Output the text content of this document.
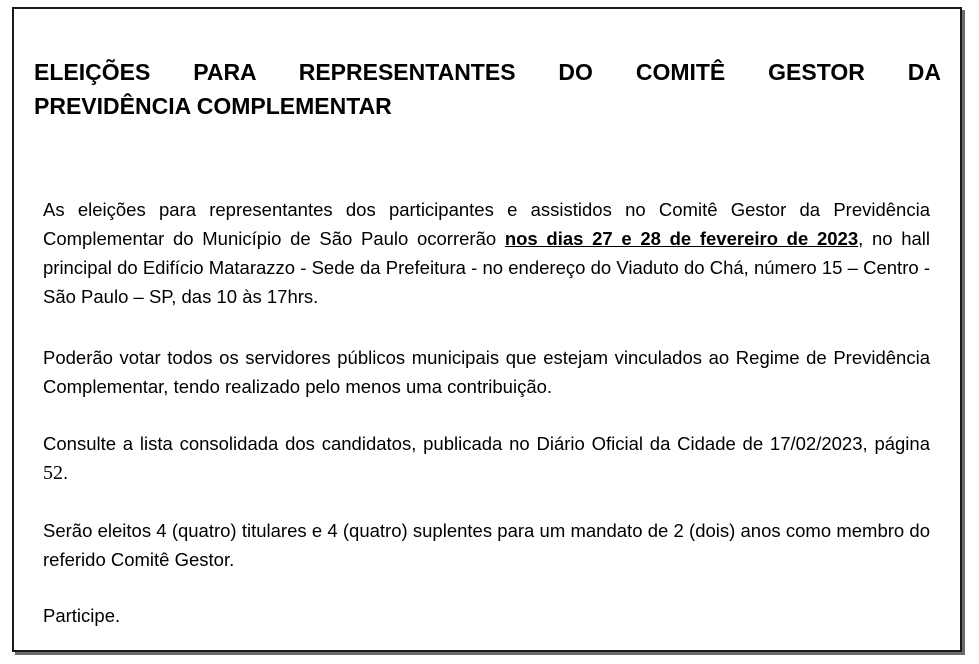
ELEIÇÕES PARA REPRESENTANTES DO COMITÊ GESTOR DA
PREVIDÊNCIA COMPLEMENTAR

As eleições para representantes dos participantes e assistidos no Comitê Gestor da Previdência Complementar do Município de São Paulo ocorrerão nos dias 27 e 28 de fevereiro de 2023, no hall principal do Edifício Matarazzo - Sede da Prefeitura - no endereço do Viaduto do Chá, número 15 – Centro - São Paulo – SP, das 10 às 17hrs.

Poderão votar todos os servidores públicos municipais que estejam vinculados ao Regime de Previdência Complementar, tendo realizado pelo menos uma contribuição.

Consulte a lista consolidada dos candidatos, publicada no Diário Oficial da Cidade de 17/02/2023, página 52.

Serão eleitos 4 (quatro) titulares e 4 (quatro) suplentes para um mandato de 2 (dois) anos como membro do referido Comitê Gestor.

Participe.
